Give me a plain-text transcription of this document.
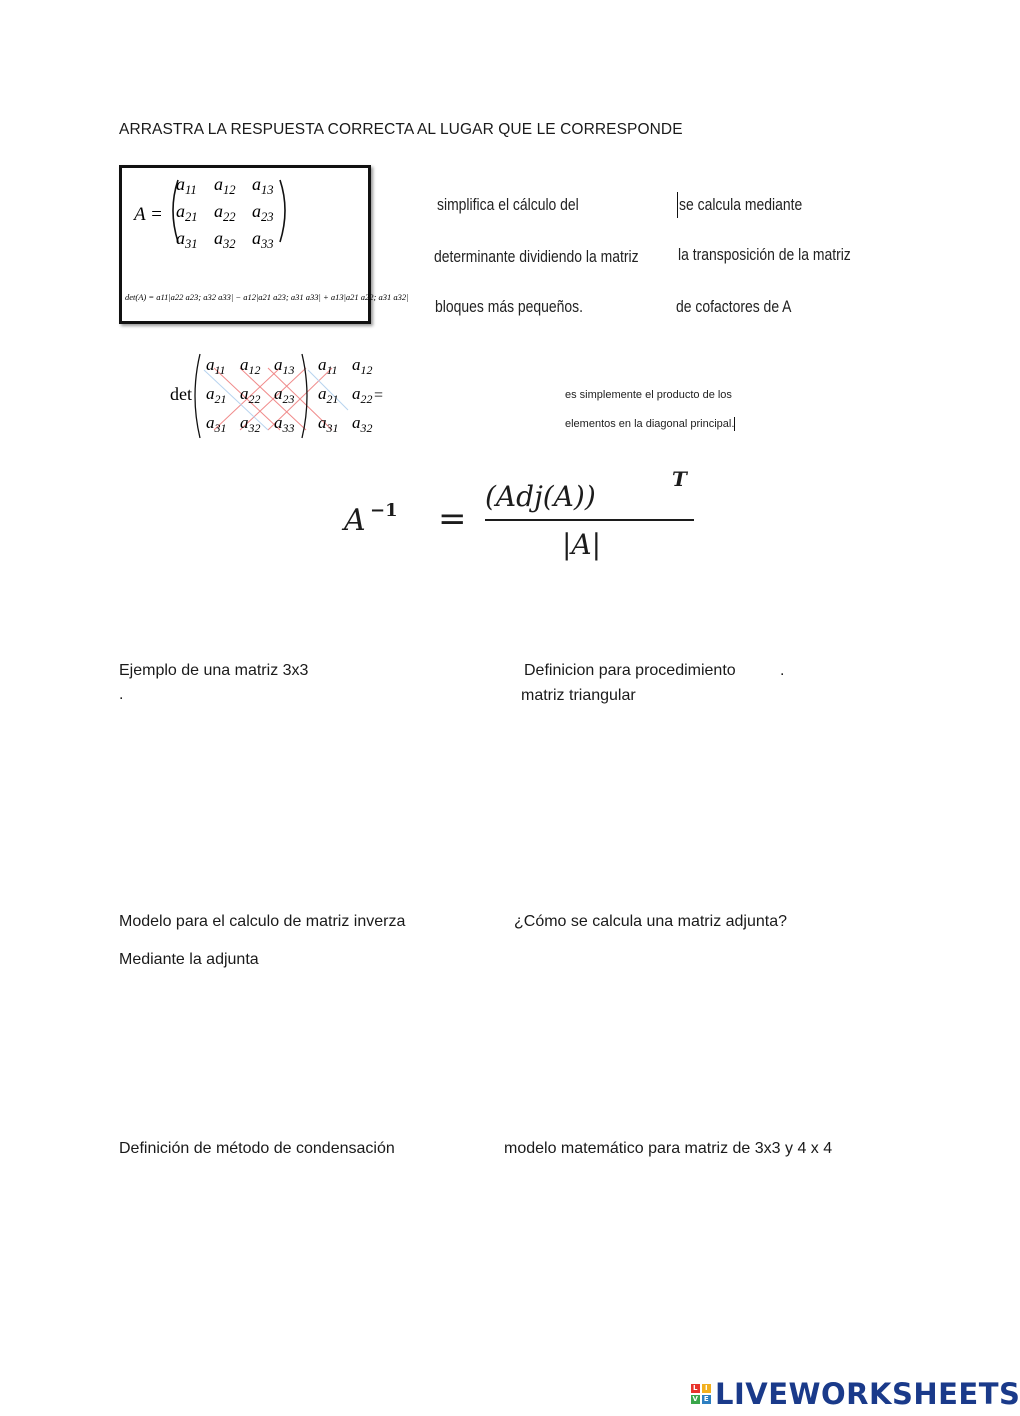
ARRASTRA LA RESPUESTA CORRECTA AL LUGAR QUE LE CORRESPONDE
A =
$a_{11}$ $a_{12}$ $a_{13}$
$a_{21}$ $a_{22}$ $a_{23}$
$a_{31}$ $a_{32}$ $a_{33}$
det(A) = a11|a22 a23; a32 a33| − a12|a21 a23; a31 a33| + a13|a21 a22; a31 a32|
simplifica el cálculo del
determinante dividiendo la matriz
bloques más pequeños.
se calcula mediante
la transposición de la matriz
de cofactores de A
det
$a_{11}$ $a_{12}$ $a_{13}$ $a_{11}$ $a_{12}$
$a_{21}$ $a_{22}$ $a_{23}$ $a_{21}$ $a_{22}$
$a_{31}$ $a_{32}$ $a_{33}$ $a_{31}$ $a_{32}$
=	es simplemente el producto de los
elementos en la diagonal principal.
A −1 =
(Adj(A))
T
|A|
Ejemplo de una matriz 3x3
.
Definicion para procedimiento	.
matriz triangular
Modelo para el calculo de matriz inverza
Mediante la adjunta
¿Cómo se calcula una matriz adjunta?
Definición de método de condensación	modelo matemático para matriz de 3x3 y 4 x 4
L I
V E LIVEWORKSHEETS
